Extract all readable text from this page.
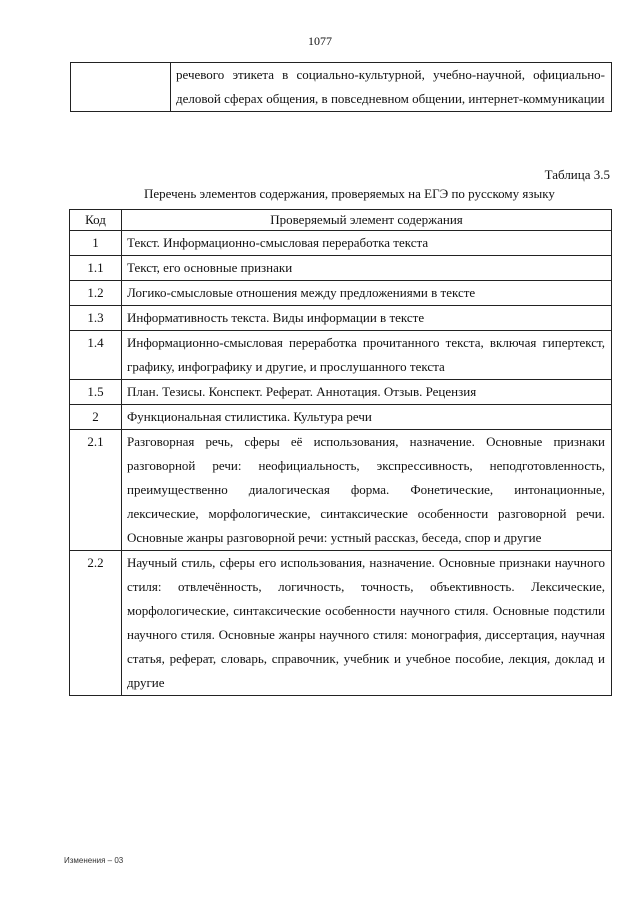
1077
	речевого этикета в социально-культурной, учебно-научной, официально-деловой сферах общения, в повседневном общении, интернет-коммуникации
Таблица 3.5
Перечень элементов содержания, проверяемых на ЕГЭ по русскому языку
Код	Проверяемый элемент содержания
1	Текст. Информационно-смысловая переработка текста
1.1	Текст, его основные признаки
1.2	Логико-смысловые отношения между предложениями в тексте
1.3	Информативность текста. Виды информации в тексте
1.4	Информационно-смысловая переработка прочитанного текста, включая гипертекст, графику, инфографику и другие, и прослушанного текста
1.5	План. Тезисы. Конспект. Реферат. Аннотация. Отзыв. Рецензия
2	Функциональная стилистика. Культура речи
2.1	Разговорная речь, сферы её использования, назначение. Основные признаки разговорной речи: неофициальность, экспрессивность, неподготовленность, преимущественно диалогическая форма. Фонетические, интонационные, лексические, морфологические, синтаксические особенности разговорной речи. Основные жанры разговорной речи: устный рассказ, беседа, спор и другие
2.2	Научный стиль, сферы его использования, назначение. Основные признаки научного стиля: отвлечённость, логичность, точность, объективность. Лексические, морфологические, синтаксические особенности научного стиля. Основные подстили научного стиля. Основные жанры научного стиля: монография, диссертация, научная статья, реферат, словарь, справочник, учебник и учебное пособие, лекция, доклад и другие
Изменения – 03
